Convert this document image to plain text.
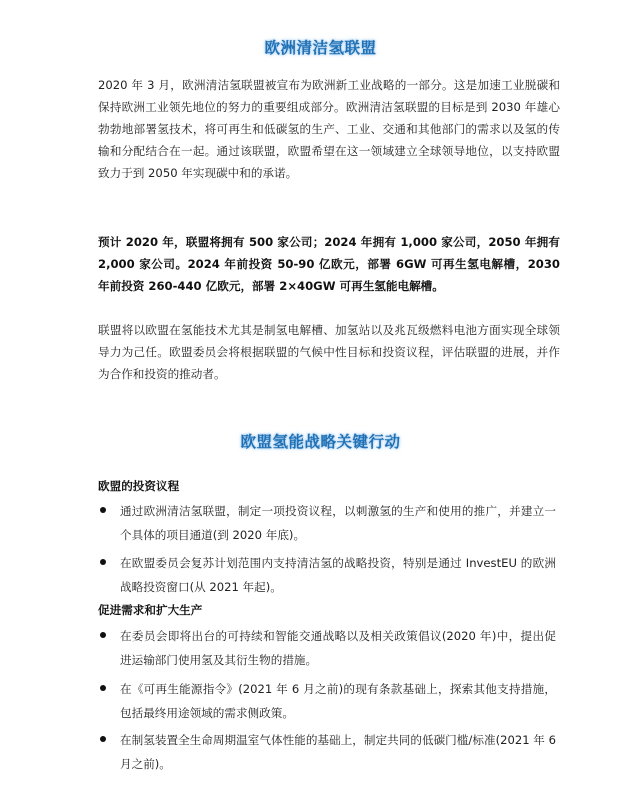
欧洲清洁氢联盟
2020 年 3 月，欧洲清洁氢联盟被宣布为欧洲新工业战略的一部分。这是加速工业脱碳和保持欧洲工业领先地位的努力的重要组成部分。欧洲清洁氢联盟的目标是到 2030 年雄心勃勃地部署氢技术，将可再生和低碳氢的生产、工业、交通和其他部门的需求以及氢的传输和分配结合在一起。通过该联盟，欧盟希望在这一领域建立全球领导地位，以支持欧盟致力于到 2050 年实现碳中和的承诺。
预计 2020 年，联盟将拥有 500 家公司；2024 年拥有 1,000 家公司，2050 年拥有 2,000 家公司。2024 年前投资 50-90 亿欧元，部署 6GW 可再生氢电解槽，2030 年前投资 260-440 亿欧元，部署 2×40GW 可再生氢能电解槽。
联盟将以欧盟在氢能技术尤其是制氢电解槽、加氢站以及兆瓦级燃料电池方面实现全球领导力为己任。欧盟委员会将根据联盟的气候中性目标和投资议程，评估联盟的进展，并作为合作和投资的推动者。
欧盟氢能战略关键行动
欧盟的投资议程
通过欧洲清洁氢联盟，制定一项投资议程，以刺激氢的生产和使用的推广，并建立一个具体的项目通道(到 2020 年底)。
在欧盟委员会复苏计划范围内支持清洁氢的战略投资，特别是通过 InvestEU 的欧洲战略投资窗口(从 2021 年起)。
促进需求和扩大生产
在委员会即将出台的可持续和智能交通战略以及相关政策倡议(2020 年)中，提出促进运输部门使用氢及其衍生物的措施。
在《可再生能源指令》(2021 年 6 月之前)的现有条款基础上，探索其他支持措施，包括最终用途领域的需求侧政策。
在制氢装置全生命周期温室气体性能的基础上，制定共同的低碳门槛/标准(2021 年 6 月之前)。
